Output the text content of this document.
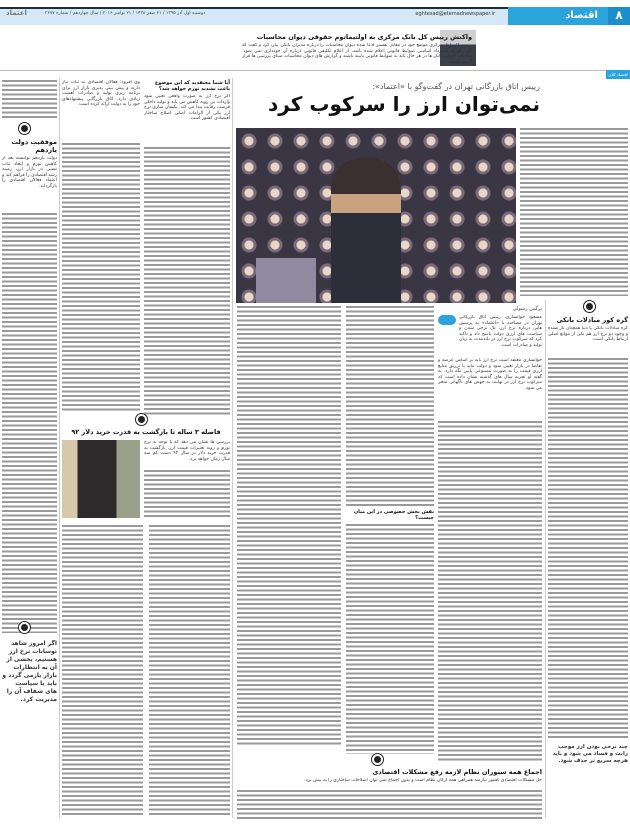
۸
اقتصاد
eghtesad@etemadnewspaper.ir
دوشنبه اول آذر ۱۳۹۵ / ۲۱ صفر ۱۴۳۸ / ۲۱ نوامبر ۲۰۱۶ / سال چهاردهم / شماره ۳۶۷۷
اعتماد
واکنش رییس کل بانک مرکزی به اولتیماتوم حقوقی دیوان محاسبات
رییس کل بانک مرکزی موضع خود در مقابل تفسیر ادعا شده دیوان محاسبات را درباره مدیران بانکی بیان کرد و گفت که اگر رای به استرداد اساسی ضوابط قانونی اعلام شده باشد، از اعلام تکلیفی قانونی درباره آن خودداری نمی شود. مقامات اجرایی بانک ها در هر حال باید به ضوابط قانونی پایبند باشند و گزارش های دیوان محاسبات مبنای بررسی ها قرار گرفته است.
اقتصاد کلان
موفقیت دولت یازدهم
دولت یازدهم توانسته بعد از کاهش تورم و ایجاد ثبات نسبی در بازار ارز، زمینه رشد اقتصادی را فراهم کند و اعتماد فعالان اقتصادی را بازگرداند.
اگر امروز شاهد نوسانات نرخ ارز هستیم، بخشی از آن به انتظارات بازار بازمی گردد و باید با سیاست های شفاف آن را مدیریت کرد.
وی افزود: فعالان اقتصادی به ثبات نیاز دارند و پیش بینی پذیری بازار ارز برای برنامه ریزی تولید و صادرات اهمیت زیادی دارد. اتاق بازرگانی پیشنهادهای خود را به دولت ارائه کرده است.
آیا شما معتقدید که این موضوع باعث تشدید تورم خواهد شد؟
اگر نرخ ارز به صورت واقعی تعیین شود واردات بی رویه کاهش می یابد و تولید داخلی فرصت رقابت پیدا می کند. یکسان سازی نرخ ارز یکی از الزامات اصلی اصلاح ساختار اقتصادی کشور است.
فاصله ۳ ساله تا بازگشت به قدرت خرید دلار ۹۲
بررسی ها نشان می دهد که با توجه به نرخ تورم و روند تغییرات قیمت ارز، بازگشت به قدرت خرید دلار در سال ۹۲ دست کم سه سال زمان خواهد برد.
رییس اتاق بازرگانی تهران در گفت‌وگو با «اعتماد»:
نمی‌توان ارز را سرکوب کرد
گره کور مبادلات بانکی
گره مبادلات بانکی با دنیا همچنان باز نشده و وجود دو نرخ ارز هم یکی از موانع اصلی ارتباط بانکی است.
چند نرخی بودن ارز موجب رانت و فساد می شود و باید هرچه سریع تر حذف شود.
نرگس رسولی
مسعود خوانساری، رییس اتاق بازرگانی تهران در مصاحبه با «اعتماد» به پرسش هایی درباره نرخ ارز، تک نرخی شدن و سیاست های ارزی دولت پاسخ داد و تاکید کرد که سرکوب نرخ ارز در بلندمدت به زیان تولید و صادرات است.
خوانساری معتقد است نرخ ارز باید بر اساس عرضه و تقاضا در بازار تعیین شود و دولت نباید با تزریق منابع ارزی قیمت را به صورت مصنوعی پایین نگه دارد. به گفته او تجربه سال های گذشته نشان داده است که سرکوب نرخ ارز در نهایت به جهش های ناگهانی منجر می شود.
نقش بخش خصوصی در این میان چیست؟
اجماع همه سیوران نظام لازمه رفع مشکلات اقتصادی
حل مشکلات اقتصادی کشور نیازمند همراهی همه ارکان نظام است و بدون اجماع نمی توان اصلاحات ساختاری را به پیش برد.
